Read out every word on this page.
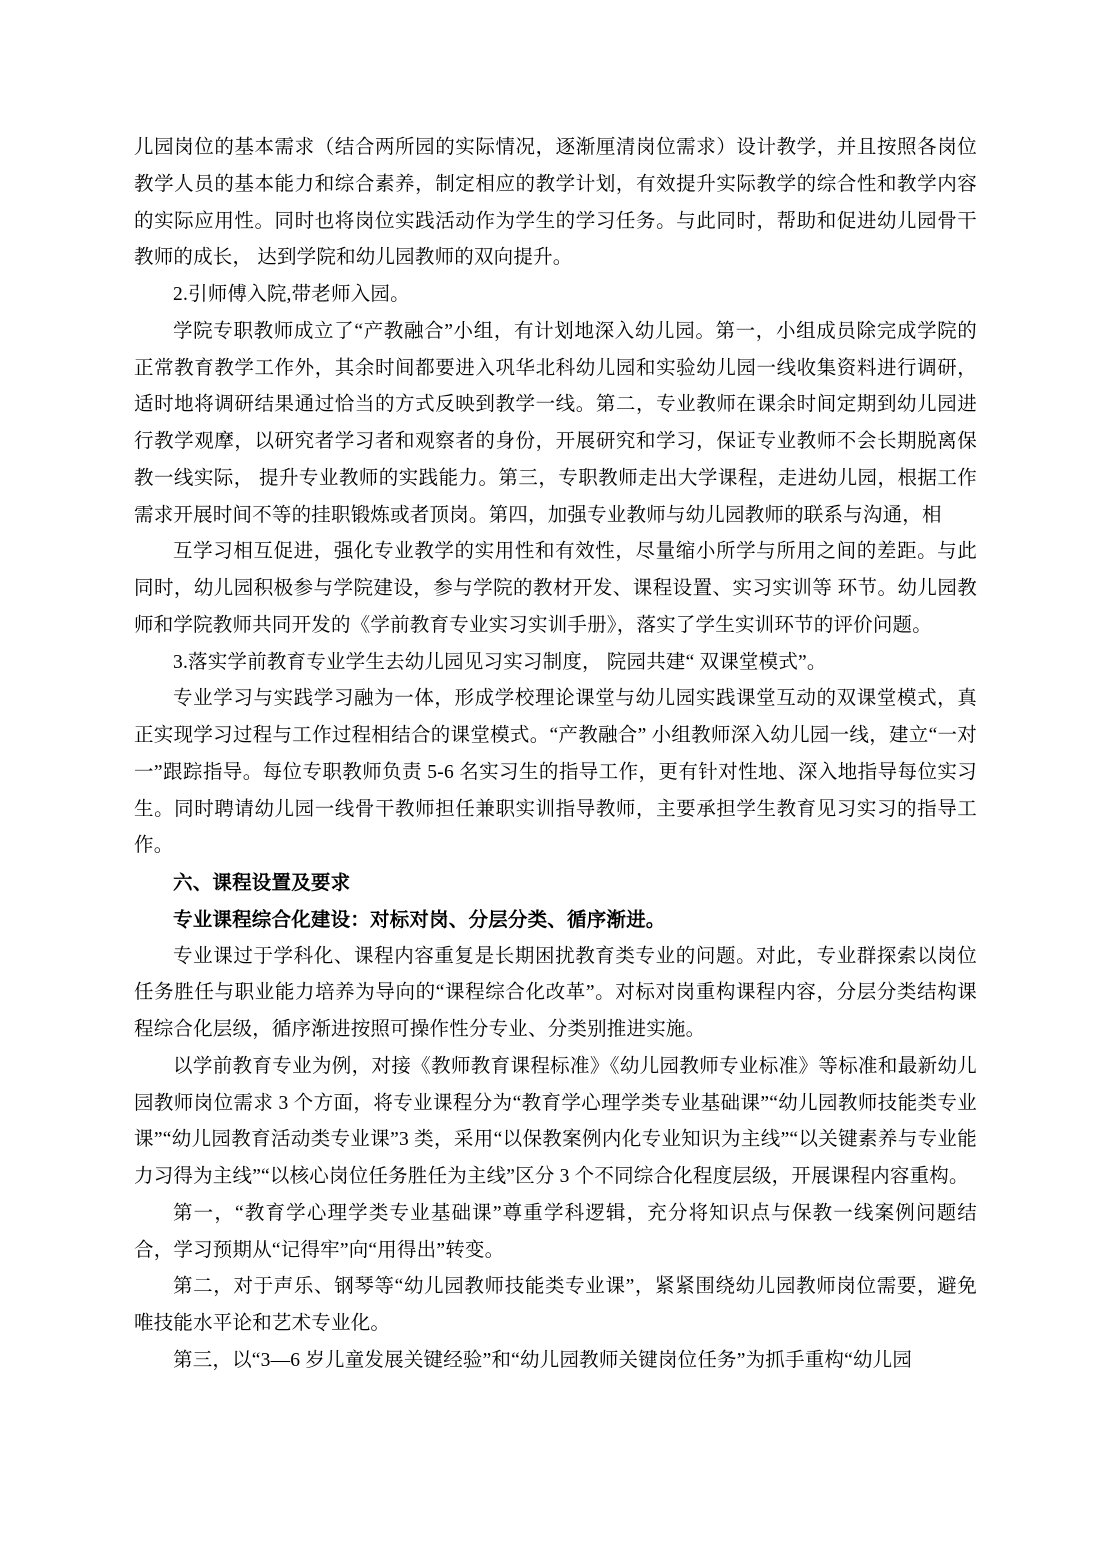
儿园岗位的基本需求（结合两所园的实际情况，逐渐厘清岗位需求）设计教学，并且按照各岗位教学人员的基本能力和综合素养，制定相应的教学计划，有效提升实际教学的综合性和教学内容的实际应用性。同时也将岗位实践活动作为学生的学习任务。与此同时，帮助和促进幼儿园骨干教师的成长， 达到学院和幼儿园教师的双向提升。

2.引师傅入院,带老师入园。

学院专职教师成立了“产教融合”小组，有计划地深入幼儿园。第一，小组成员除完成学院的正常教育教学工作外，其余时间都要进入巩华北科幼儿园和实验幼儿园一线收集资料进行调研，适时地将调研结果通过恰当的方式反映到教学一线。第二，专业教师在课余时间定期到幼儿园进行教学观摩，以研究者学习者和观察者的身份，开展研究和学习，保证专业教师不会长期脱离保教一线实际， 提升专业教师的实践能力。第三，专职教师走出大学课程，走进幼儿园，根据工作需求开展时间不等的挂职锻炼或者顶岗。第四，加强专业教师与幼儿园教师的联系与沟通，相

互学习相互促进，强化专业教学的实用性和有效性，尽量缩小所学与所用之间的差距。与此同时，幼儿园积极参与学院建设，参与学院的教材开发、课程设置、实习实训等 环节。幼儿园教师和学院教师共同开发的《学前教育专业实习实训手册》，落实了学生实训环节的评价问题。

3.落实学前教育专业学生去幼儿园见习实习制度， 院园共建“ 双课堂模式”。

专业学习与实践学习融为一体，形成学校理论课堂与幼儿园实践课堂互动的双课堂模式，真正实现学习过程与工作过程相结合的课堂模式。“产教融合” 小组教师深入幼儿园一线，建立“一对一”跟踪指导。每位专职教师负责 5-6 名实习生的指导工作，更有针对性地、深入地指导每位实习生。同时聘请幼儿园一线骨干教师担任兼职实训指导教师，主要承担学生教育见习实习的指导工作。

六、课程设置及要求

专业课程综合化建设：对标对岗、分层分类、循序渐进。

专业课过于学科化、课程内容重复是长期困扰教育类专业的问题。对此，专业群探索以岗位任务胜任与职业能力培养为导向的“课程综合化改革”。对标对岗重构课程内容，分层分类结构课程综合化层级，循序渐进按照可操作性分专业、分类别推进实施。

以学前教育专业为例，对接《教师教育课程标准》《幼儿园教师专业标准》等标准和最新幼儿园教师岗位需求 3 个方面，将专业课程分为“教育学心理学类专业基础课”“幼儿园教师技能类专业课”“幼儿园教育活动类专业课”3 类，采用“以保教案例内化专业知识为主线”“以关键素养与专业能力习得为主线”“以核心岗位任务胜任为主线”区分 3 个不同综合化程度层级，开展课程内容重构。

第一，“教育学心理学类专业基础课”尊重学科逻辑，充分将知识点与保教一线案例问题结合，学习预期从“记得牢”向“用得出”转变。

第二，对于声乐、钢琴等“幼儿园教师技能类专业课”，紧紧围绕幼儿园教师岗位需要，避免唯技能水平论和艺术专业化。

第三，以“3—6 岁儿童发展关键经验”和“幼儿园教师关键岗位任务”为抓手重构“幼儿园
